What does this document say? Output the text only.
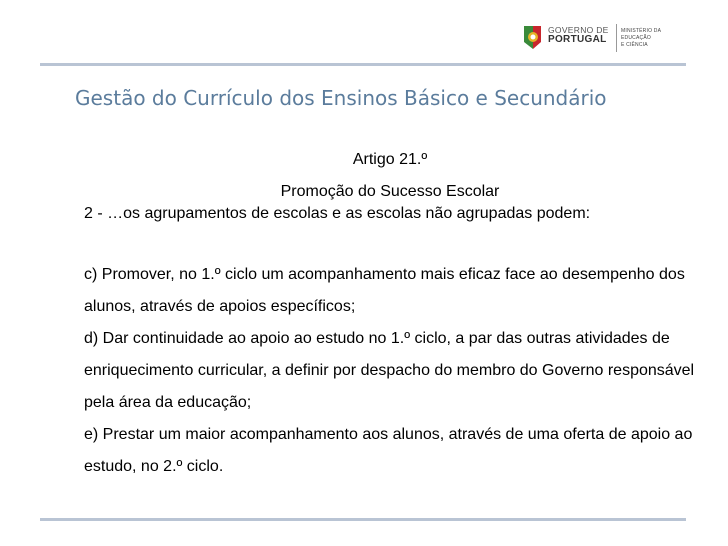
GOVERNO DE
PORTUGAL
MINISTÉRIO DA EDUCAÇÃO
E CIÊNCIA
Gestão do Currículo dos Ensinos Básico e Secundário
Artigo 21.º
Promoção do Sucesso Escolar
2 - …os agrupamentos de escolas e as escolas não agrupadas podem:
c) Promover, no 1.º ciclo um acompanhamento mais eficaz face ao desempenho dos alunos, através de apoios específicos;
d) Dar continuidade ao apoio ao estudo no 1.º ciclo, a par das outras atividades de enriquecimento curricular, a definir por despacho do membro do Governo responsável pela área da educação;
e) Prestar um maior acompanhamento aos alunos, através de uma oferta de apoio ao estudo, no 2.º ciclo.
